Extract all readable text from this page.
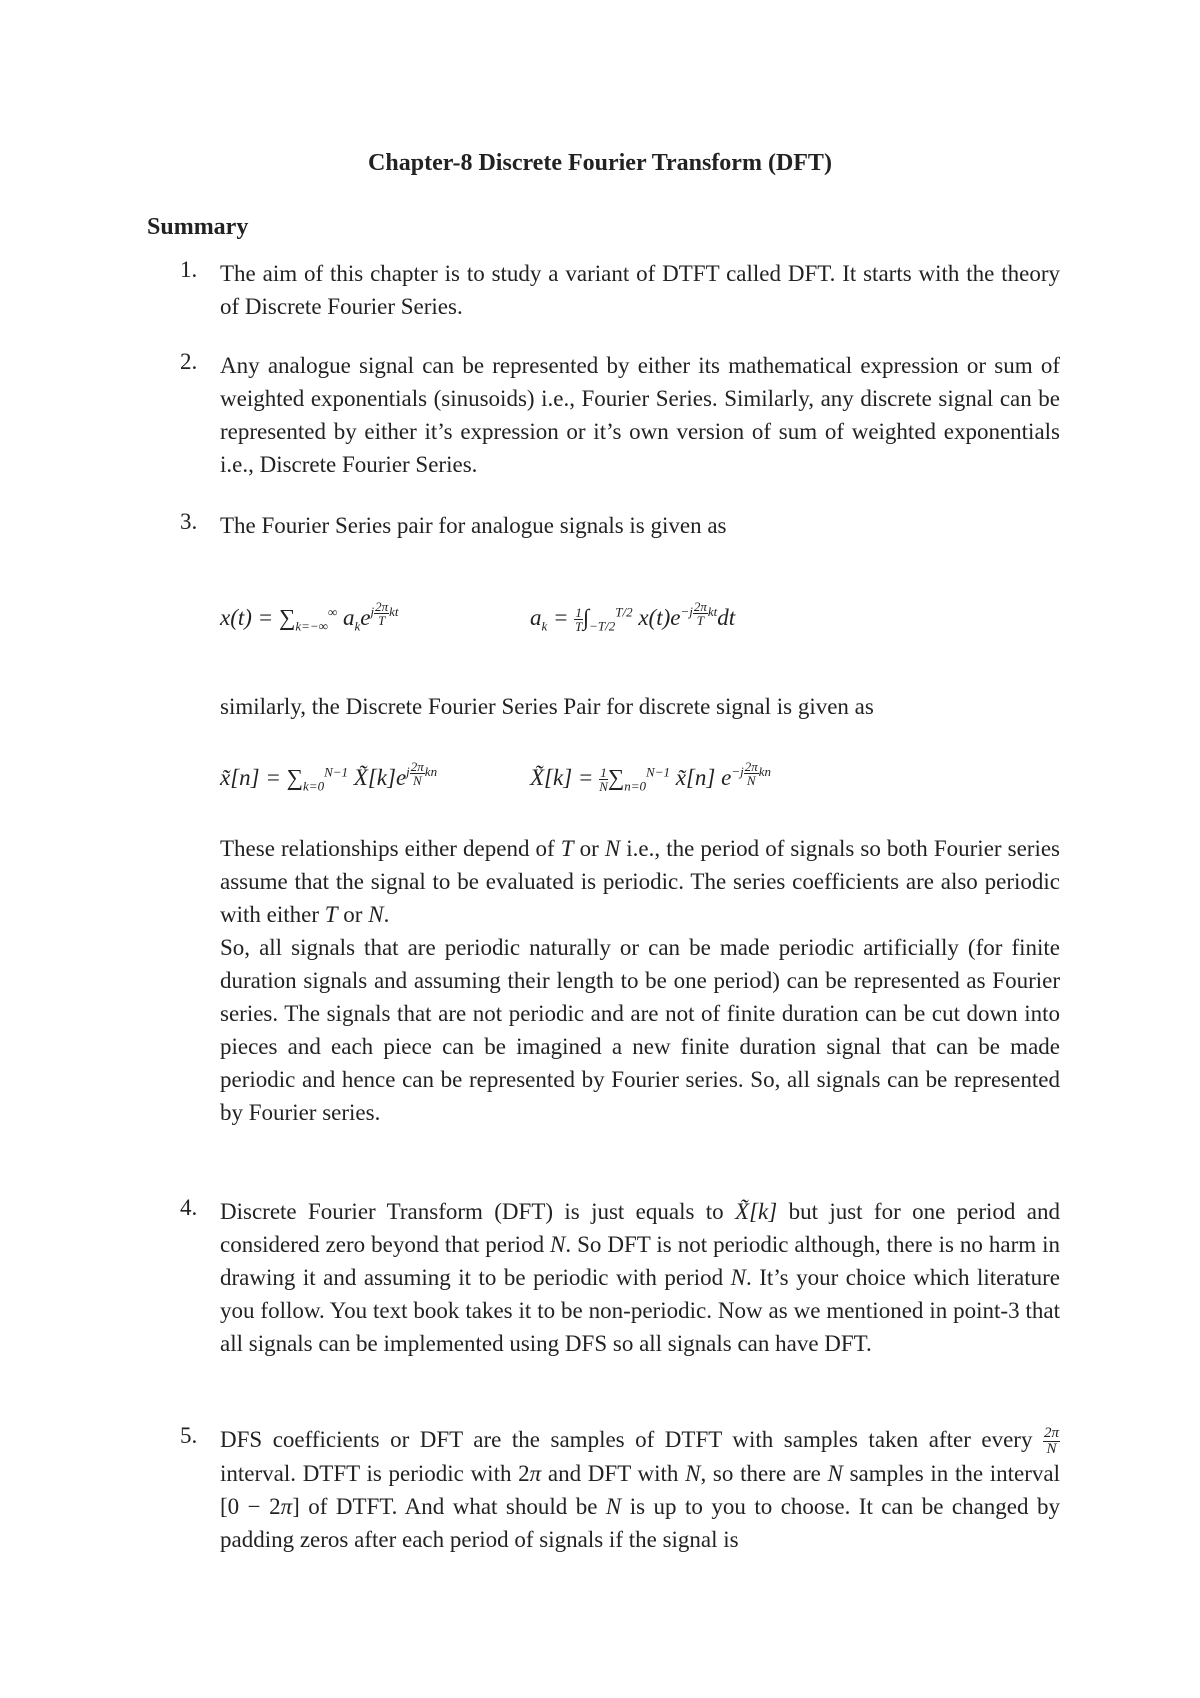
Chapter-8 Discrete Fourier Transform (DFT)
Summary
1. The aim of this chapter is to study a variant of DTFT called DFT. It starts with the theory of Discrete Fourier Series.

2. Any analogue signal can be represented by either its mathematical expression or sum of weighted exponentials (sinusoids) i.e., Fourier Series. Similarly, any discrete signal can be represented by either it’s expression or it’s own version of sum of weighted exponentials i.e., Discrete Fourier Series.

3. The Fourier Series pair for analogue signals is given as

$x(t) = \sum_{k=-\infty}^\infty$ $a_ke^{j \frac{2\pi}{T} kt}$	$a_k = \frac{1}{T} \int_{-T/2}^{T/2}$ $x(t)e^{-j \frac{2\pi}{T} kt}dt$

similarly, the Discrete Fourier Series Pair for discrete signal is given as

x̃[n] = $\sum_{k=0}^{N-1}$ $X̃[k]e^{j \frac{2\pi}{N} kn}$	X̃[k] = $\frac{1}{N} \sum_{n=0}^{N-1}$ x̃[n] $e^{-j \frac{2\pi}{N} kn}$

These relationships either depend of T or N i.e., the period of signals so both Fourier series assume that the signal to be evaluated is periodic. The series coefficients are also periodic with either T or N.

So, all signals that are periodic naturally or can be made periodic artificially (for finite duration signals and assuming their length to be one period) can be represented as Fourier series. The signals that are not periodic and are not of finite duration can be cut down into pieces and each piece can be imagined a new finite duration signal that can be made periodic and hence can be represented by Fourier series. So, all signals can be represented by Fourier series.

4. Discrete Fourier Transform (DFT) is just equals to X̃[k] but just for one period and considered zero beyond that period N. So DFT is not periodic although, there is no harm in drawing it and assuming it to be periodic with period N. It’s your choice which literature you follow. You text book takes it to be non-periodic. Now as we mentioned in point-3 that all signals can be implemented using DFS so all signals can have DFT.

5. DFS coefficients or DFT are the samples of DTFT with samples taken after every $\frac{2\pi}{N}$
interval. DTFT is periodic with 2π and DFT with N, so there are N samples in the interval [0 − 2π] of DTFT. And what should be N is up to you to choose. It can be changed by padding zeros after each period of signals if the signal is
